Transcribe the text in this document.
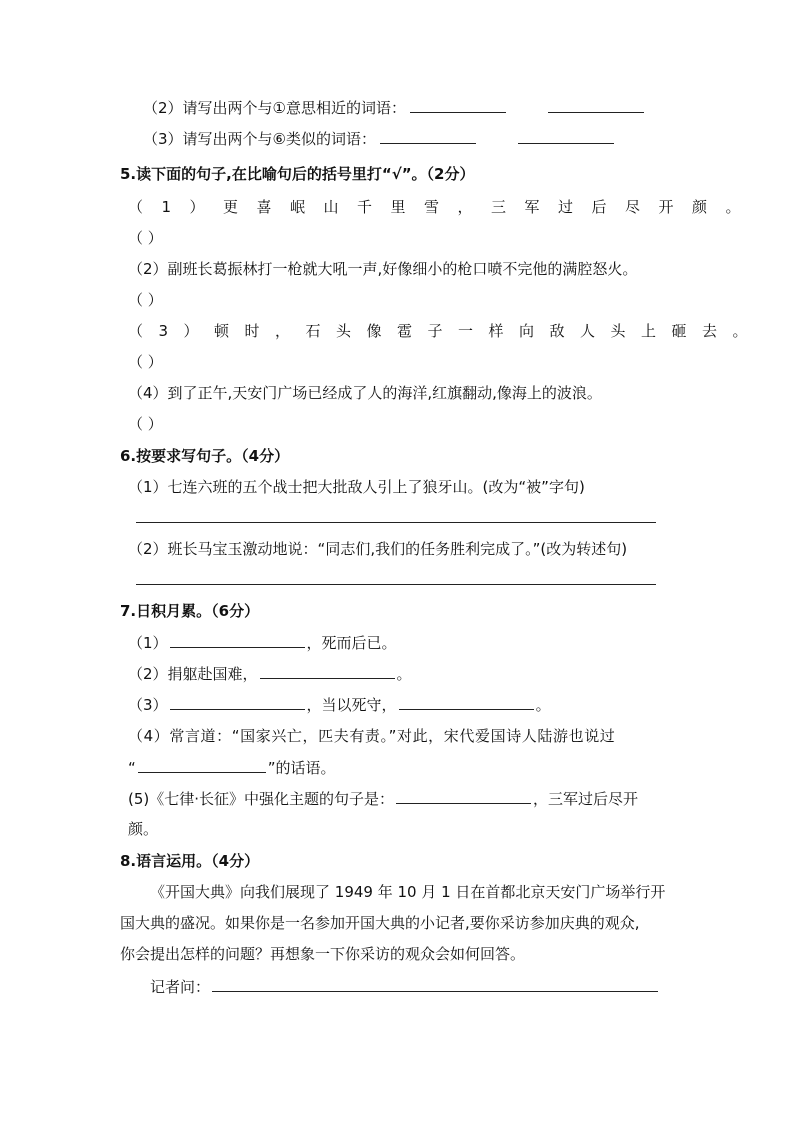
（2）请写出两个与①意思相近的词语：
（3）请写出两个与⑥类似的词语：
5.读下面的句子,在比喻句后的括号里打“√”。（2分）
（1）更喜岷山千里雪，三军过后尽开颜。
（ ）
（2）副班长葛振林打一枪就大吼一声,好像细小的枪口喷不完他的满腔怒火。
（ ）
（3）顿时，石头像雹子一样向敌人头上砸去。
（ ）
（4）到了正午,天安门广场已经成了人的海洋,红旗翻动,像海上的波浪。
（ ）
6.按要求写句子。（4分）
（1）七连六班的五个战士把大批敌人引上了狼牙山。(改为“被”字句)
（2）班长马宝玉激动地说：“同志们,我们的任务胜利完成了。”(改为转述句)
7.日积月累。（6分）
（1）	，死而后已。
（2）捐躯赴国难，	。
（3）	，当以死守，	。
（4）常言道：“国家兴亡，匹夫有责。”对此，宋代爱国诗人陆游也说过
“	”的话语。
(5)《七律·长征》中强化主题的句子是：	，三军过后尽开
颜。
8.语言运用。（4分）
《开国大典》向我们展现了 1949 年 10 月 1 日在首都北京天安门广场举行开
国大典的盛况。如果你是一名参加开国大典的小记者,要你采访参加庆典的观众,
你会提出怎样的问题？再想象一下你采访的观众会如何回答。
记者问：
